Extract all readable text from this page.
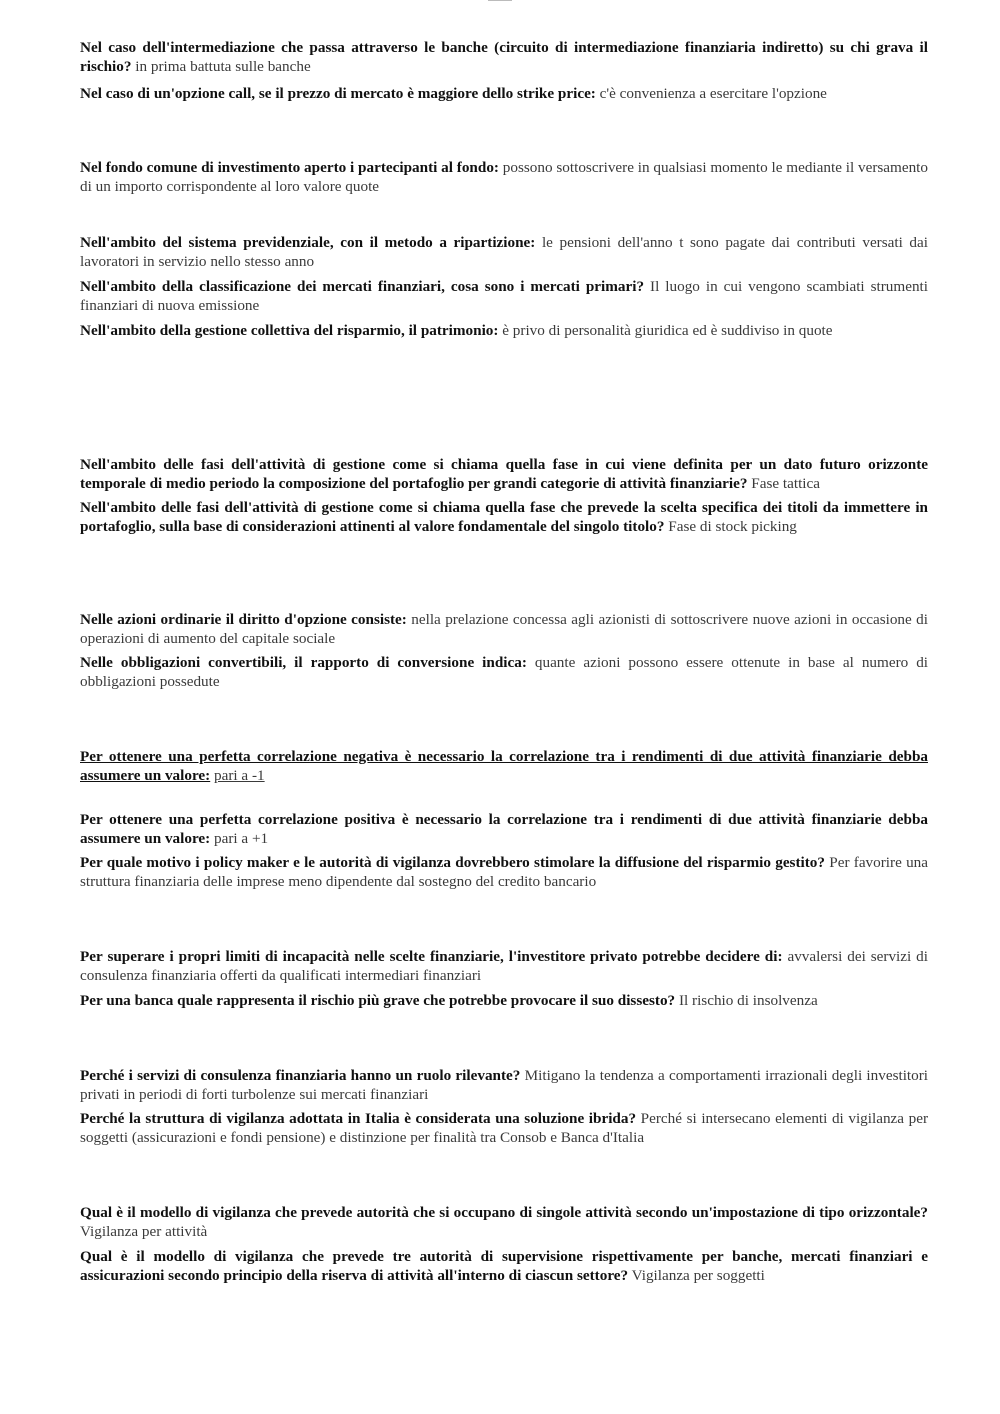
Nel caso dell'intermediazione che passa attraverso le banche (circuito di intermediazione finanziaria indiretto) su chi grava il rischio? in prima battuta sulle banche
Nel caso di un'opzione call, se il prezzo di mercato è maggiore dello strike price: c'è convenienza a esercitare l'opzione
Nel fondo comune di investimento aperto i partecipanti al fondo: possono sottoscrivere in qualsiasi momento le mediante il versamento di un importo corrispondente al loro valore quote
Nell'ambito del sistema previdenziale, con il metodo a ripartizione: le pensioni dell'anno t sono pagate dai contributi versati dai lavoratori in servizio nello stesso anno
Nell'ambito della classificazione dei mercati finanziari, cosa sono i mercati primari? Il luogo in cui vengono scambiati strumenti finanziari di nuova emissione
Nell'ambito della gestione collettiva del risparmio, il patrimonio: è privo di personalità giuridica ed è suddiviso in quote
Nell'ambito delle fasi dell'attività di gestione come si chiama quella fase in cui viene definita per un dato futuro orizzonte temporale di medio periodo la composizione del portafoglio per grandi categorie di attività finanziarie? Fase tattica
Nell'ambito delle fasi dell'attività di gestione come si chiama quella fase che prevede la scelta specifica dei titoli da immettere in portafoglio, sulla base di considerazioni attinenti al valore fondamentale del singolo titolo? Fase di stock picking
Nelle azioni ordinarie il diritto d'opzione consiste: nella prelazione concessa agli azionisti di sottoscrivere nuove azioni in occasione di operazioni di aumento del capitale sociale
Nelle obbligazioni convertibili, il rapporto di conversione indica: quante azioni possono essere ottenute in base al numero di obbligazioni possedute
Per ottenere una perfetta correlazione negativa è necessario la correlazione tra i rendimenti di due attività finanziarie debba assumere un valore: pari a -1
Per ottenere una perfetta correlazione positiva è necessario la correlazione tra i rendimenti di due attività finanziarie debba assumere un valore: pari a +1
Per quale motivo i policy maker e le autorità di vigilanza dovrebbero stimolare la diffusione del risparmio gestito? Per favorire una struttura finanziaria delle imprese meno dipendente dal sostegno del credito bancario
Per superare i propri limiti di incapacità nelle scelte finanziarie, l'investitore privato potrebbe decidere di: avvalersi dei servizi di consulenza finanziaria offerti da qualificati intermediari finanziari
Per una banca quale rappresenta il rischio più grave che potrebbe provocare il suo dissesto? Il rischio di insolvenza
Perché i servizi di consulenza finanziaria hanno un ruolo rilevante? Mitigano la tendenza a comportamenti irrazionali degli investitori privati in periodi di forti turbolenze sui mercati finanziari
Perché la struttura di vigilanza adottata in Italia è considerata una soluzione ibrida? Perché si intersecano elementi di vigilanza per soggetti (assicurazioni e fondi pensione) e distinzione per finalità tra Consob e Banca d'Italia
Qual è il modello di vigilanza che prevede autorità che si occupano di singole attività secondo un'impostazione di tipo orizzontale? Vigilanza per attività
Qual è il modello di vigilanza che prevede tre autorità di supervisione rispettivamente per banche, mercati finanziari e assicurazioni secondo principio della riserva di attività all'interno di ciascun settore? Vigilanza per soggetti
